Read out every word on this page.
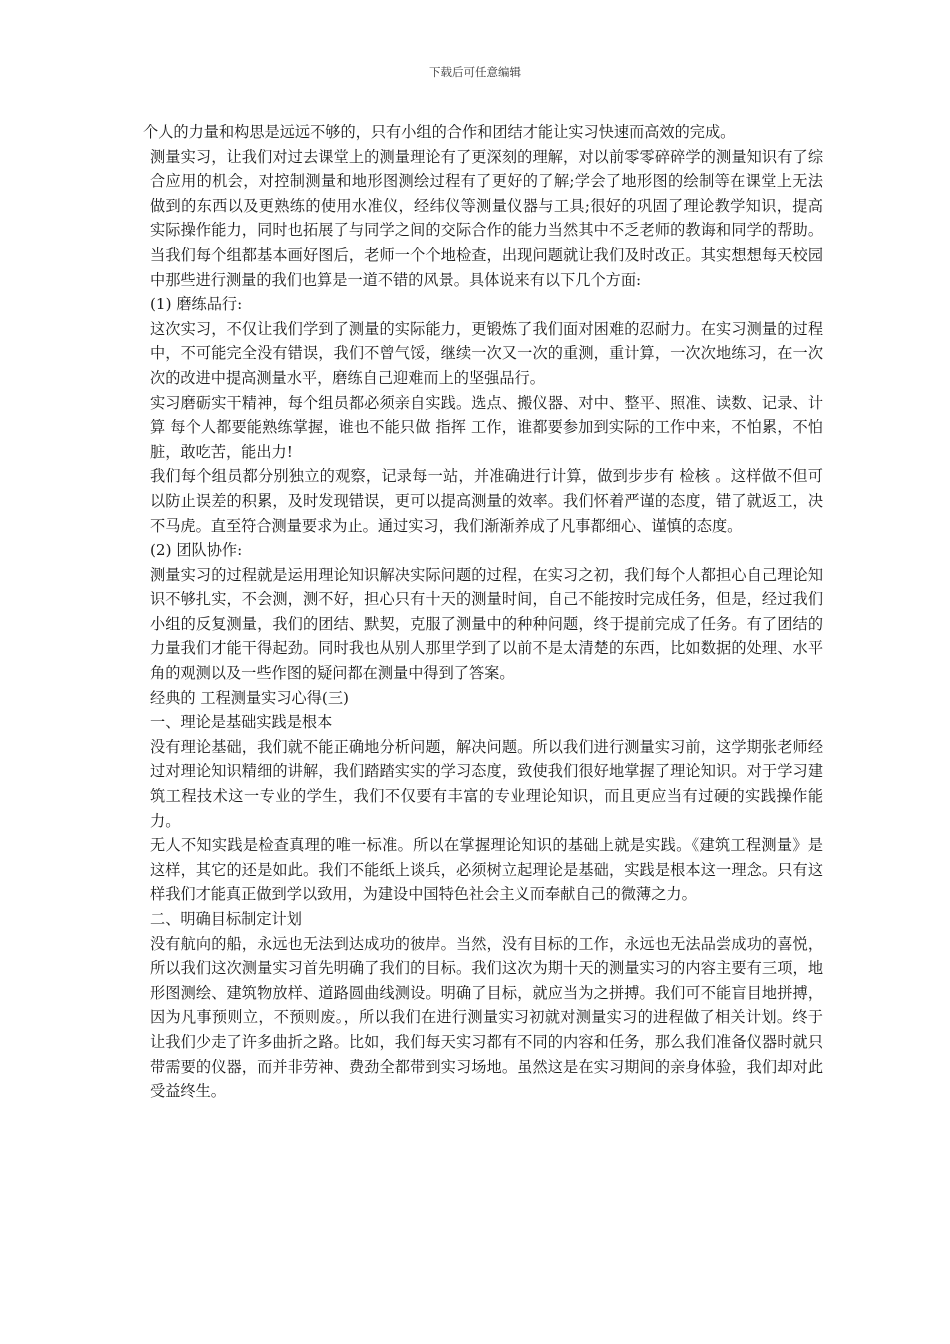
下载后可任意编辑

个人的力量和构思是远远不够的，只有小组的合作和团结才能让实习快速而高效的完成。

测量实习，让我们对过去课堂上的测量理论有了更深刻的理解，对以前零零碎碎学的测量知识有了综合应用的机会，对控制测量和地形图测绘过程有了更好的了解;学会了地形图的绘制等在课堂上无法做到的东西以及更熟练的使用水准仪，经纬仪等测量仪器与工具;很好的巩固了理论教学知识，提高实际操作能力，同时也拓展了与同学之间的交际合作的能力当然其中不乏老师的教诲和同学的帮助。当我们每个组都基本画好图后，老师一个个地检查，出现问题就让我们及时改正。其实想想每天校园中那些进行测量的我们也算是一道不错的风景。具体说来有以下几个方面:

(1) 磨练品行:

这次实习，不仅让我们学到了测量的实际能力，更锻炼了我们面对困难的忍耐力。在实习测量的过程中，不可能完全没有错误，我们不曾气馁，继续一次又一次的重测，重计算，一次次地练习，在一次次的改进中提高测量水平，磨练自己迎难而上的坚强品行。

实习磨砺实干精神，每个组员都必须亲自实践。选点、搬仪器、对中、整平、照准、读数、记录、计算 每个人都要能熟练掌握，谁也不能只做 指挥 工作，谁都要参加到实际的工作中来，不怕累，不怕脏，敢吃苦，能出力!

我们每个组员都分别独立的观察，记录每一站，并准确进行计算，做到步步有 检核 。这样做不但可以防止误差的积累，及时发现错误，更可以提高测量的效率。我们怀着严谨的态度，错了就返工，决不马虎。直至符合测量要求为止。通过实习，我们渐渐养成了凡事都细心、谨慎的态度。

(2) 团队协作:

测量实习的过程就是运用理论知识解决实际问题的过程，在实习之初，我们每个人都担心自己理论知识不够扎实，不会测，测不好，担心只有十天的测量时间，自己不能按时完成任务，但是，经过我们小组的反复测量，我们的团结、默契，克服了测量中的种种问题，终于提前完成了任务。有了团结的力量我们才能干得起劲。同时我也从别人那里学到了以前不是太清楚的东西，比如数据的处理、水平角的观测以及一些作图的疑问都在测量中得到了答案。

经典的 工程测量实习心得(三)

一、理论是基础实践是根本

没有理论基础，我们就不能正确地分析问题，解决问题。所以我们进行测量实习前，这学期张老师经过对理论知识精细的讲解，我们踏踏实实的学习态度，致使我们很好地掌握了理论知识。对于学习建筑工程技术这一专业的学生，我们不仅要有丰富的专业理论知识，而且更应当有过硬的实践操作能力。

无人不知实践是检查真理的唯一标准。所以在掌握理论知识的基础上就是实践。《建筑工程测量》是这样，其它的还是如此。我们不能纸上谈兵，必须树立起理论是基础，实践是根本这一理念。只有这样我们才能真正做到学以致用，为建设中国特色社会主义而奉献自己的微薄之力。

二、明确目标制定计划

没有航向的船，永远也无法到达成功的彼岸。当然，没有目标的工作，永远也无法品尝成功的喜悦，所以我们这次测量实习首先明确了我们的目标。我们这次为期十天的测量实习的内容主要有三项，地形图测绘、建筑物放样、道路圆曲线测设。明确了目标，就应当为之拼搏。我们可不能盲目地拼搏，因为凡事预则立，不预则废。，所以我们在进行测量实习初就对测量实习的进程做了相关计划。终于让我们少走了许多曲折之路。比如，我们每天实习都有不同的内容和任务，那么我们准备仪器时就只带需要的仪器，而并非劳神、费劲全都带到实习场地。虽然这是在实习期间的亲身体验，我们却对此受益终生。
